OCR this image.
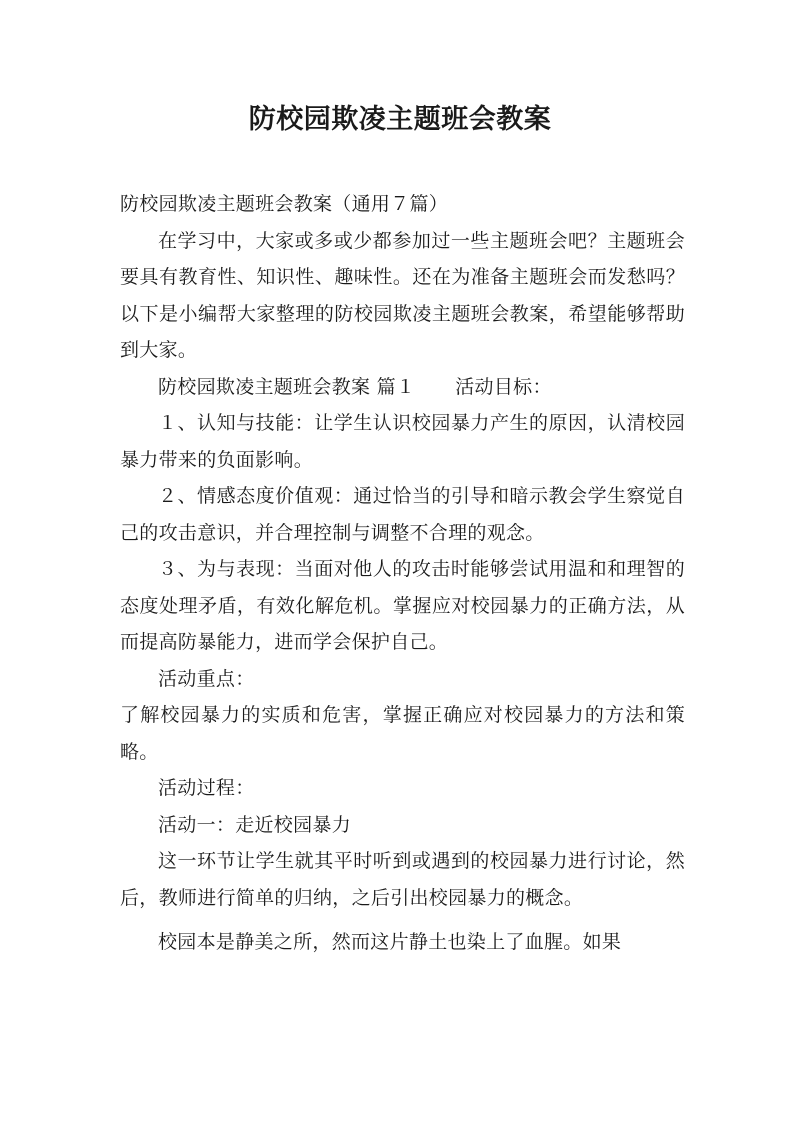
防校园欺凌主题班会教案

防校园欺凌主题班会教案（通用７篇）

在学习中，大家或多或少都参加过一些主题班会吧？主题班会要具有教育性、知识性、趣味性。还在为准备主题班会而发愁吗？以下是小编帮大家整理的防校园欺凌主题班会教案，希望能够帮助到大家。

防校园欺凌主题班会教案 篇１ 活动目标：

１、认知与技能：让学生认识校园暴力产生的原因，认清校园暴力带来的负面影响。

２、情感态度价值观：通过恰当的引导和暗示教会学生察觉自己的攻击意识，并合理控制与调整不合理的观念。

３、为与表现：当面对他人的攻击时能够尝试用温和和理智的态度处理矛盾，有效化解危机。掌握应对校园暴力的正确方法，从而提高防暴能力，进而学会保护自己。

活动重点：

了解校园暴力的实质和危害，掌握正确应对校园暴力的方法和策略。

活动过程：

活动一：走近校园暴力

这一环节让学生就其平时听到或遇到的校园暴力进行讨论，然后，教师进行简单的归纳，之后引出校园暴力的概念。

校园本是静美之所，然而这片静土也染上了血腥。如果
